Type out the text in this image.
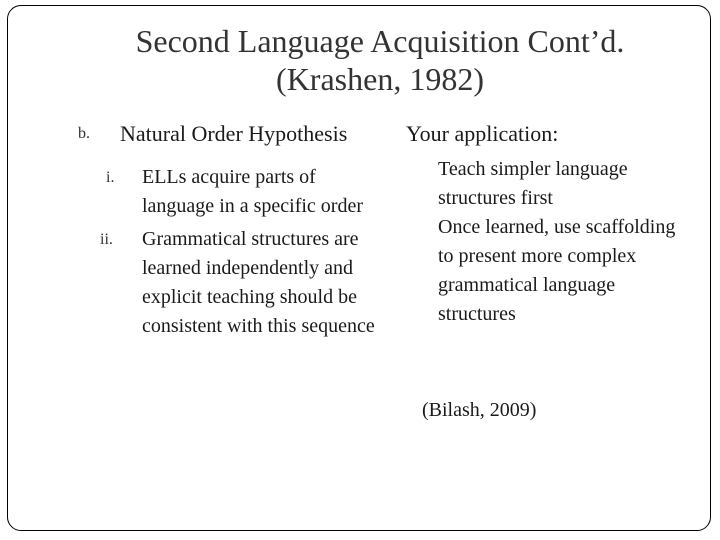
Second Language Acquisition Cont’d.
(Krashen, 1982)
b. Natural Order Hypothesis
i. ELLs acquire parts of language in a specific order
ii. Grammatical structures are learned independently and explicit teaching should be consistent with this sequence
Your application:
Teach simpler language structures first
Once learned, use scaffolding to present more complex grammatical language structures
(Bilash, 2009)
